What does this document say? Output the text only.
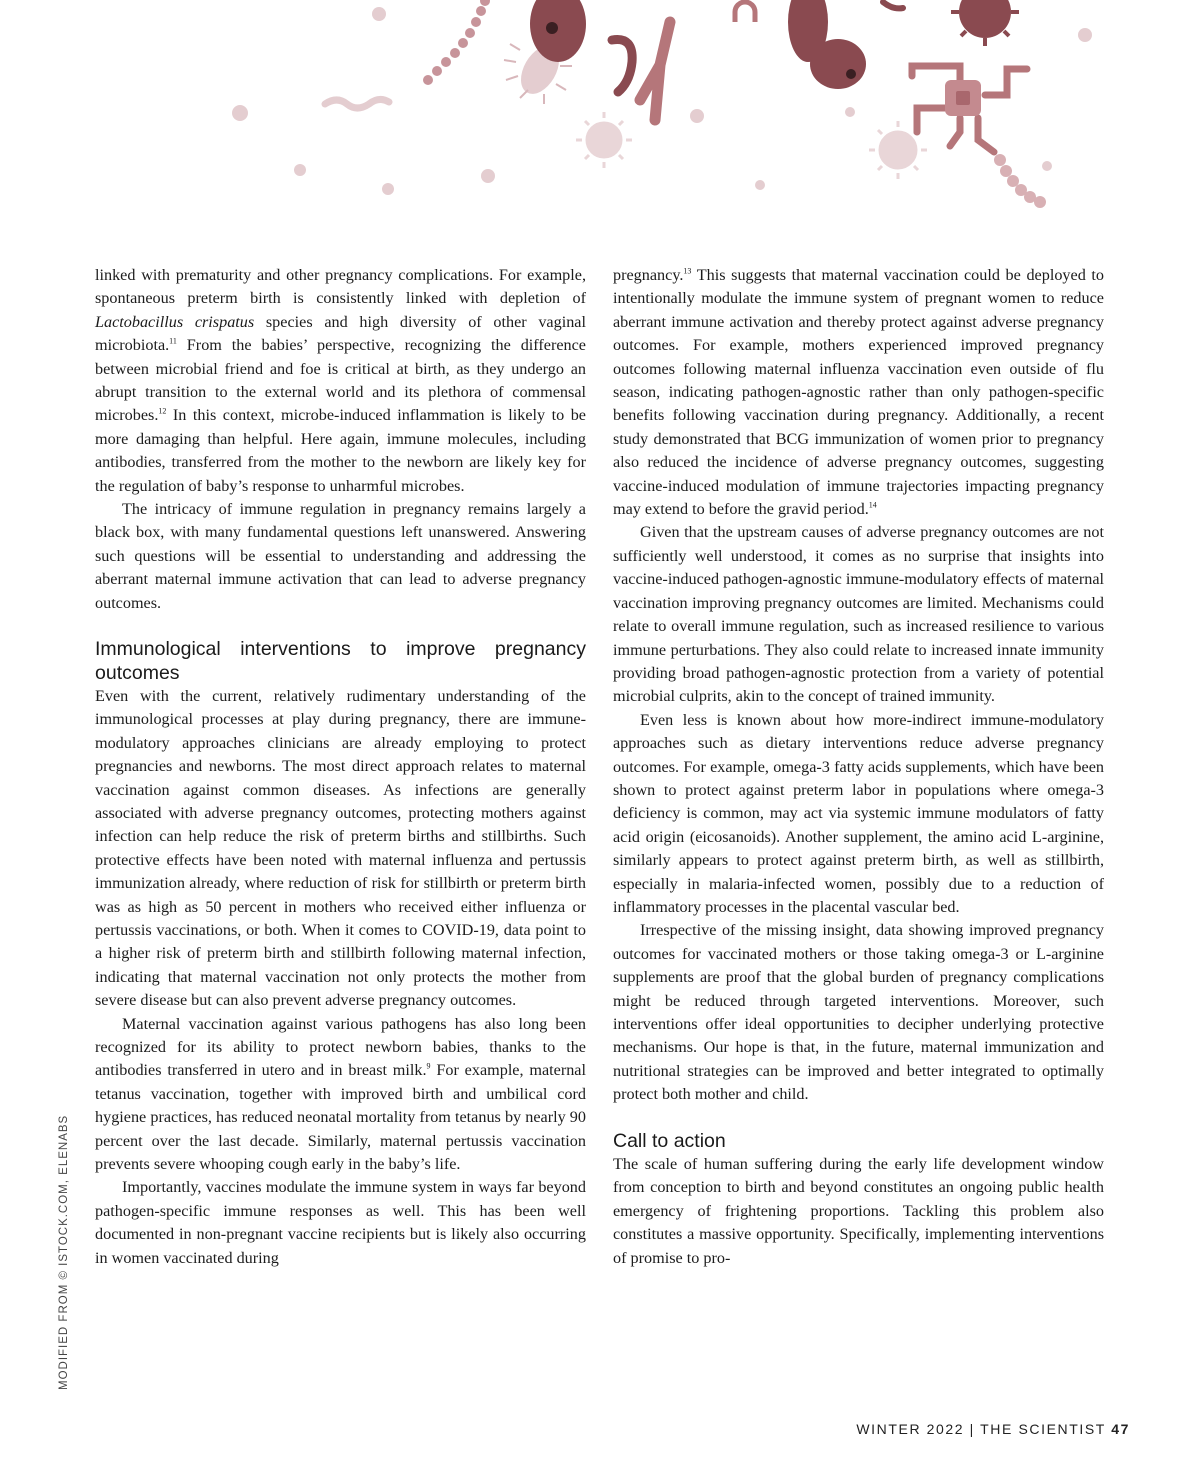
linked with prematurity and other pregnancy complications. For example, spontaneous preterm birth is consistently linked with depletion of Lactobacillus crispatus species and high diversity of other vaginal microbiota.$^{11}$ From the babies’ perspective, recognizing the difference between microbial friend and foe is critical at birth, as they undergo an abrupt transition to the external world and its plethora of commensal microbes.$^{12}$ In this context, microbe-induced inflammation is likely to be more damaging than helpful. Here again, immune molecules, including antibodies, transferred from the mother to the newborn are likely key for the regulation of baby’s response to unharmful microbes.

The intricacy of immune regulation in pregnancy remains largely a black box, with many fundamental questions left unanswered. Answering such questions will be essential to understanding and addressing the aberrant maternal immune activation that can lead to adverse pregnancy outcomes.

Immunological interventions to improve pregnancy outcomes

Even with the current, relatively rudimentary understanding of the immunological processes at play during pregnancy, there are immune-modulatory approaches clinicians are already employing to protect pregnancies and newborns. The most direct approach relates to maternal vaccination against common diseases. As infections are generally associated with adverse pregnancy outcomes, protecting mothers against infection can help reduce the risk of preterm births and stillbirths. Such protective effects have been noted with maternal influenza and pertussis immunization already, where reduction of risk for stillbirth or preterm birth was as high as 50 percent in mothers who received either influenza or pertussis vaccinations, or both. When it comes to COVID-19, data point to a higher risk of preterm birth and stillbirth following maternal infection, indicating that maternal vaccination not only protects the mother from severe disease but can also prevent adverse pregnancy outcomes.

Maternal vaccination against various pathogens has also long been recognized for its ability to protect newborn babies, thanks to the antibodies transferred in utero and in breast milk.$^9$ For example, maternal tetanus vaccination, together with improved birth and umbilical cord hygiene practices, has reduced neonatal mortality from tetanus by nearly 90 percent over the last decade. Similarly, maternal pertussis vaccination prevents severe whooping cough early in the baby’s life.

Importantly, vaccines modulate the immune system in ways far beyond pathogen-specific immune responses as well. This has been well documented in non-pregnant vaccine recipients but is likely also occurring in women vaccinated during

pregnancy.$^{13}$ This suggests that maternal vaccination could be deployed to intentionally modulate the immune system of pregnant women to reduce aberrant immune activation and thereby protect against adverse pregnancy outcomes. For example, mothers experienced improved pregnancy outcomes following maternal influenza vaccination even outside of flu season, indicating pathogen-agnostic rather than only pathogen-specific benefits following vaccination during pregnancy. Additionally, a recent study demonstrated that BCG immunization of women prior to pregnancy also reduced the incidence of adverse pregnancy outcomes, suggesting vaccine-induced modulation of immune trajectories impacting pregnancy may extend to before the gravid period.$^{14}$

Given that the upstream causes of adverse pregnancy outcomes are not sufficiently well understood, it comes as no surprise that insights into vaccine-induced pathogen-agnostic immune-modulatory effects of maternal vaccination improving pregnancy outcomes are limited. Mechanisms could relate to overall immune regulation, such as increased resilience to various immune perturbations. They also could relate to increased innate immunity providing broad pathogen-agnostic protection from a variety of potential microbial culprits, akin to the concept of trained immunity.

Even less is known about how more-indirect immune-modulatory approaches such as dietary interventions reduce adverse pregnancy outcomes. For example, omega-3 fatty acids supplements, which have been shown to protect against preterm labor in populations where omega-3 deficiency is common, may act via systemic immune modulators of fatty acid origin (eicosanoids). Another supplement, the amino acid L-arginine, similarly appears to protect against preterm birth, as well as stillbirth, especially in malaria-infected women, possibly due to a reduction of inflammatory processes in the placental vascular bed.

Irrespective of the missing insight, data showing improved pregnancy outcomes for vaccinated mothers or those taking omega-3 or L-arginine supplements are proof that the global burden of pregnancy complications might be reduced through targeted interventions. Moreover, such interventions offer ideal opportunities to decipher underlying protective mechanisms. Our hope is that, in the future, maternal immunization and nutritional strategies can be improved and better integrated to optimally protect both mother and child.

Call to action

The scale of human suffering during the early life development window from conception to birth and beyond constitutes an ongoing public health emergency of frightening proportions. Tackling this problem also constitutes a massive opportunity. Specifically, implementing interventions of promise to pro-

MODIFIED FROM © ISTOCK.COM, ELENABS
WINTER 2022 | THE SCIENTIST 47
